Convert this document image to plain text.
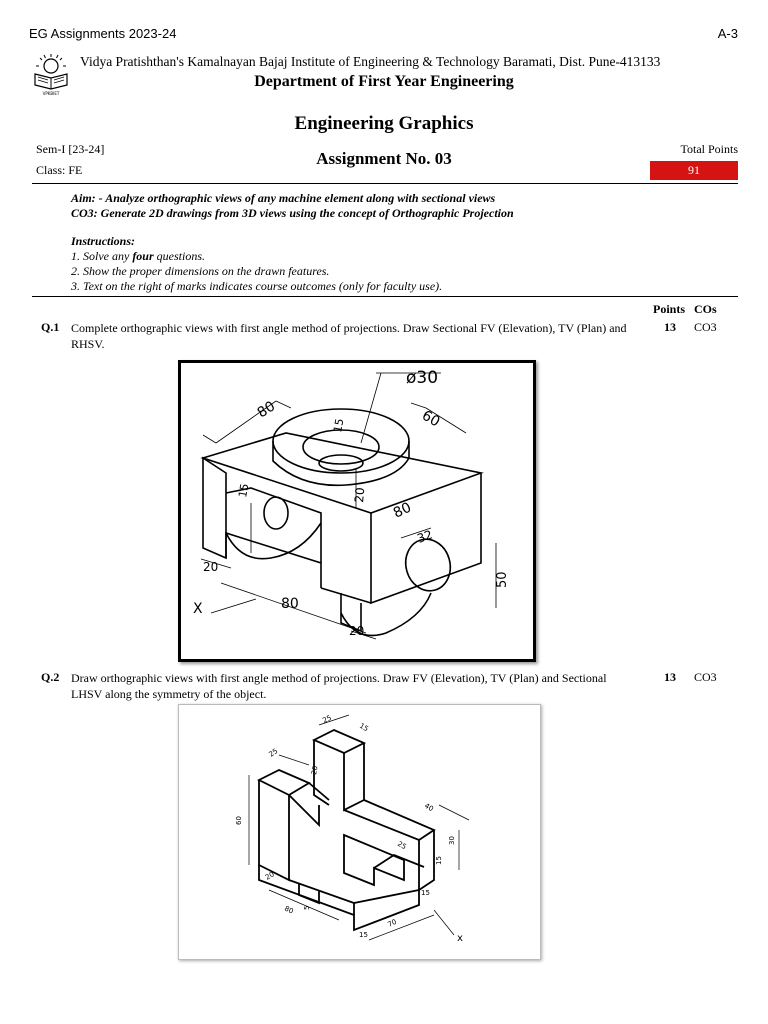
EG Assignments 2023-24	A-3
VPKBIET
Vidya Pratishthan's Kamalnayan Bajaj Institute of Engineering & Technology Baramati, Dist. Pune-413133
Department of First Year Engineering
Engineering Graphics
Sem-I [23-24]
Class: FE
Assignment No. 03	Total Points
91
Aim: - Analyze orthographic views of any machine element along with sectional views
CO3: Generate 2D drawings from 3D views using the concept of Orthographic Projection
Instructions:
1. Solve any four questions.
2. Show the proper dimensions on the drawn features.
3. Text on the right of marks indicates course outcomes (only for faculty use).
Points COs
Q.1 Complete orthographic views with first angle method of projections. Draw Sectional FV (Elevation), TV (Plan) and RHSV.
13	CO3
ø30
80	60
15
20
80
15
32
50
20
80
20
X
Q.2 Draw orthographic views with first angle method of projections. Draw FV (Elevation), TV (Plan) and Sectional LHSV along the symmetry of the object.
13	CO3
25
15
25
20
60
40
25	30
15
20
5
80
15
70
15	x
